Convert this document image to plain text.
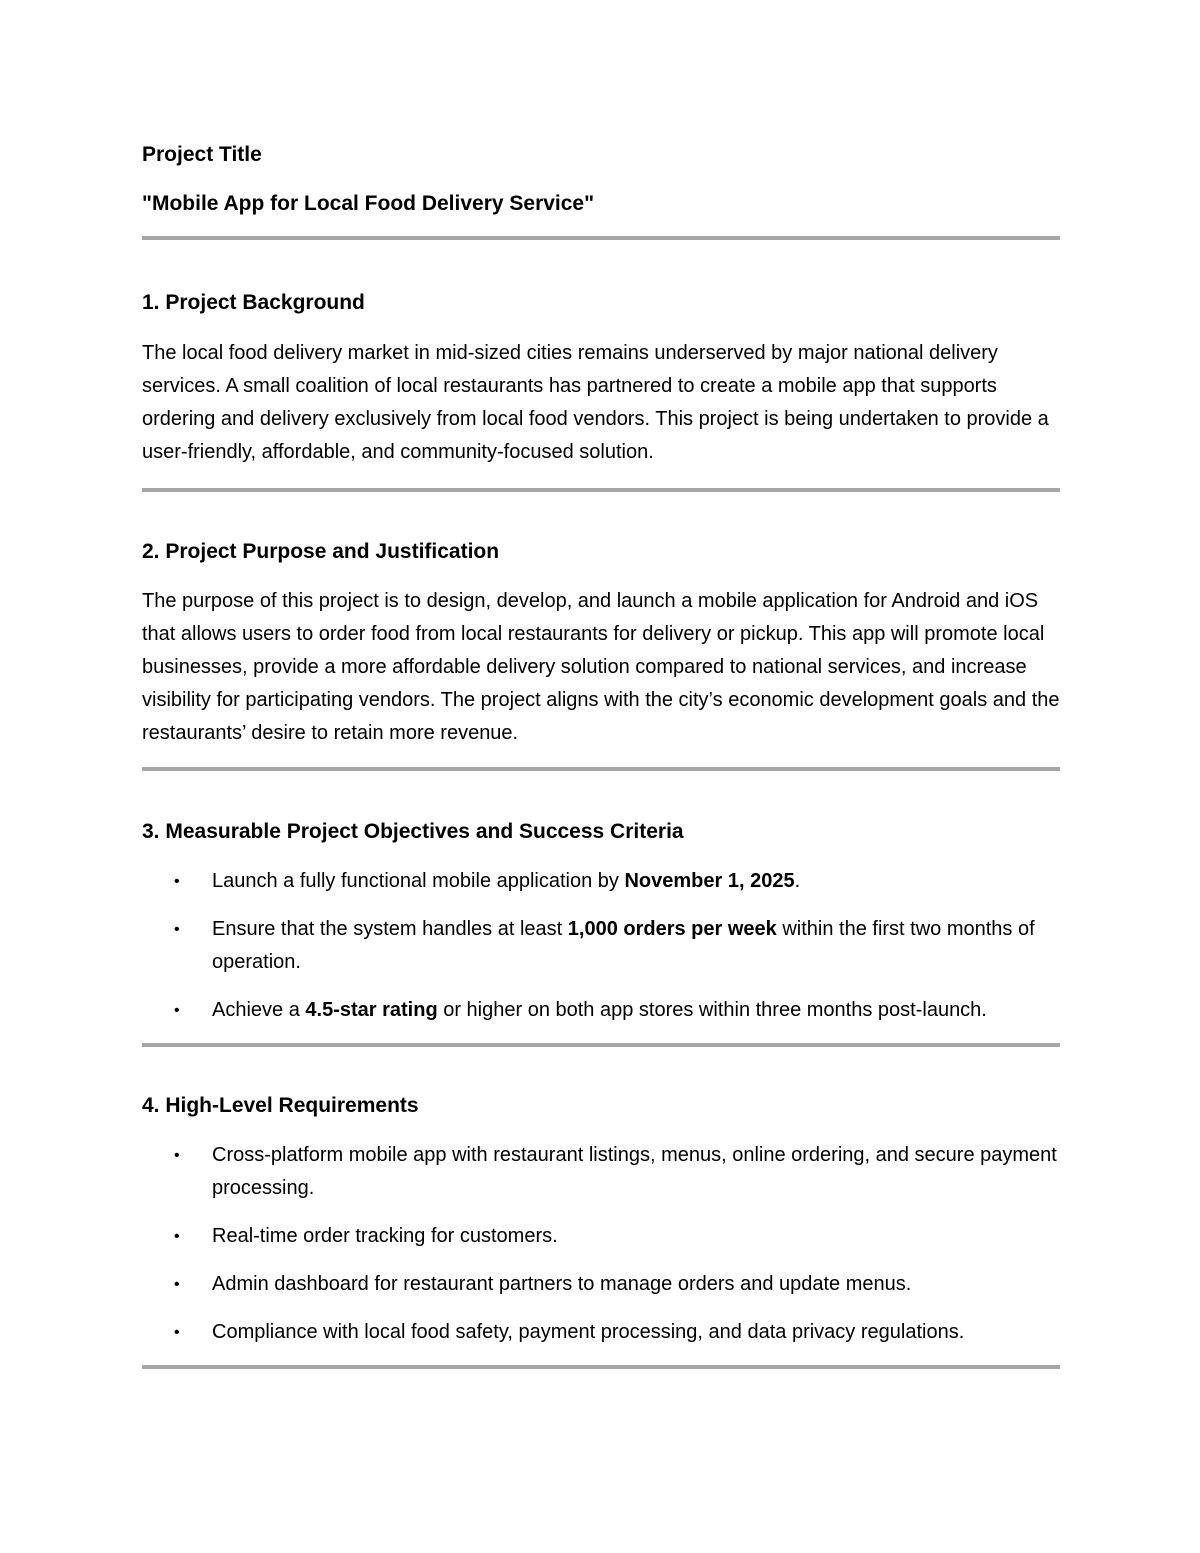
Project Title

"Mobile App for Local Food Delivery Service"

1. Project Background

The local food delivery market in mid-sized cities remains underserved by major national delivery services. A small coalition of local restaurants has partnered to create a mobile app that supports ordering and delivery exclusively from local food vendors. This project is being undertaken to provide a user-friendly, affordable, and community-focused solution.

2. Project Purpose and Justification

The purpose of this project is to design, develop, and launch a mobile application for Android and iOS that allows users to order food from local restaurants for delivery or pickup. This app will promote local businesses, provide a more affordable delivery solution compared to national services, and increase visibility for participating vendors. The project aligns with the city’s economic development goals and the restaurants’ desire to retain more revenue.

3. Measurable Project Objectives and Success Criteria

• Launch a fully functional mobile application by November 1, 2025.
• Ensure that the system handles at least 1,000 orders per week within the first two months of operation.
• Achieve a 4.5-star rating or higher on both app stores within three months post-launch.

4. High-Level Requirements

• Cross-platform mobile app with restaurant listings, menus, online ordering, and secure payment processing.
• Real-time order tracking for customers.
• Admin dashboard for restaurant partners to manage orders and update menus.
• Compliance with local food safety, payment processing, and data privacy regulations.
